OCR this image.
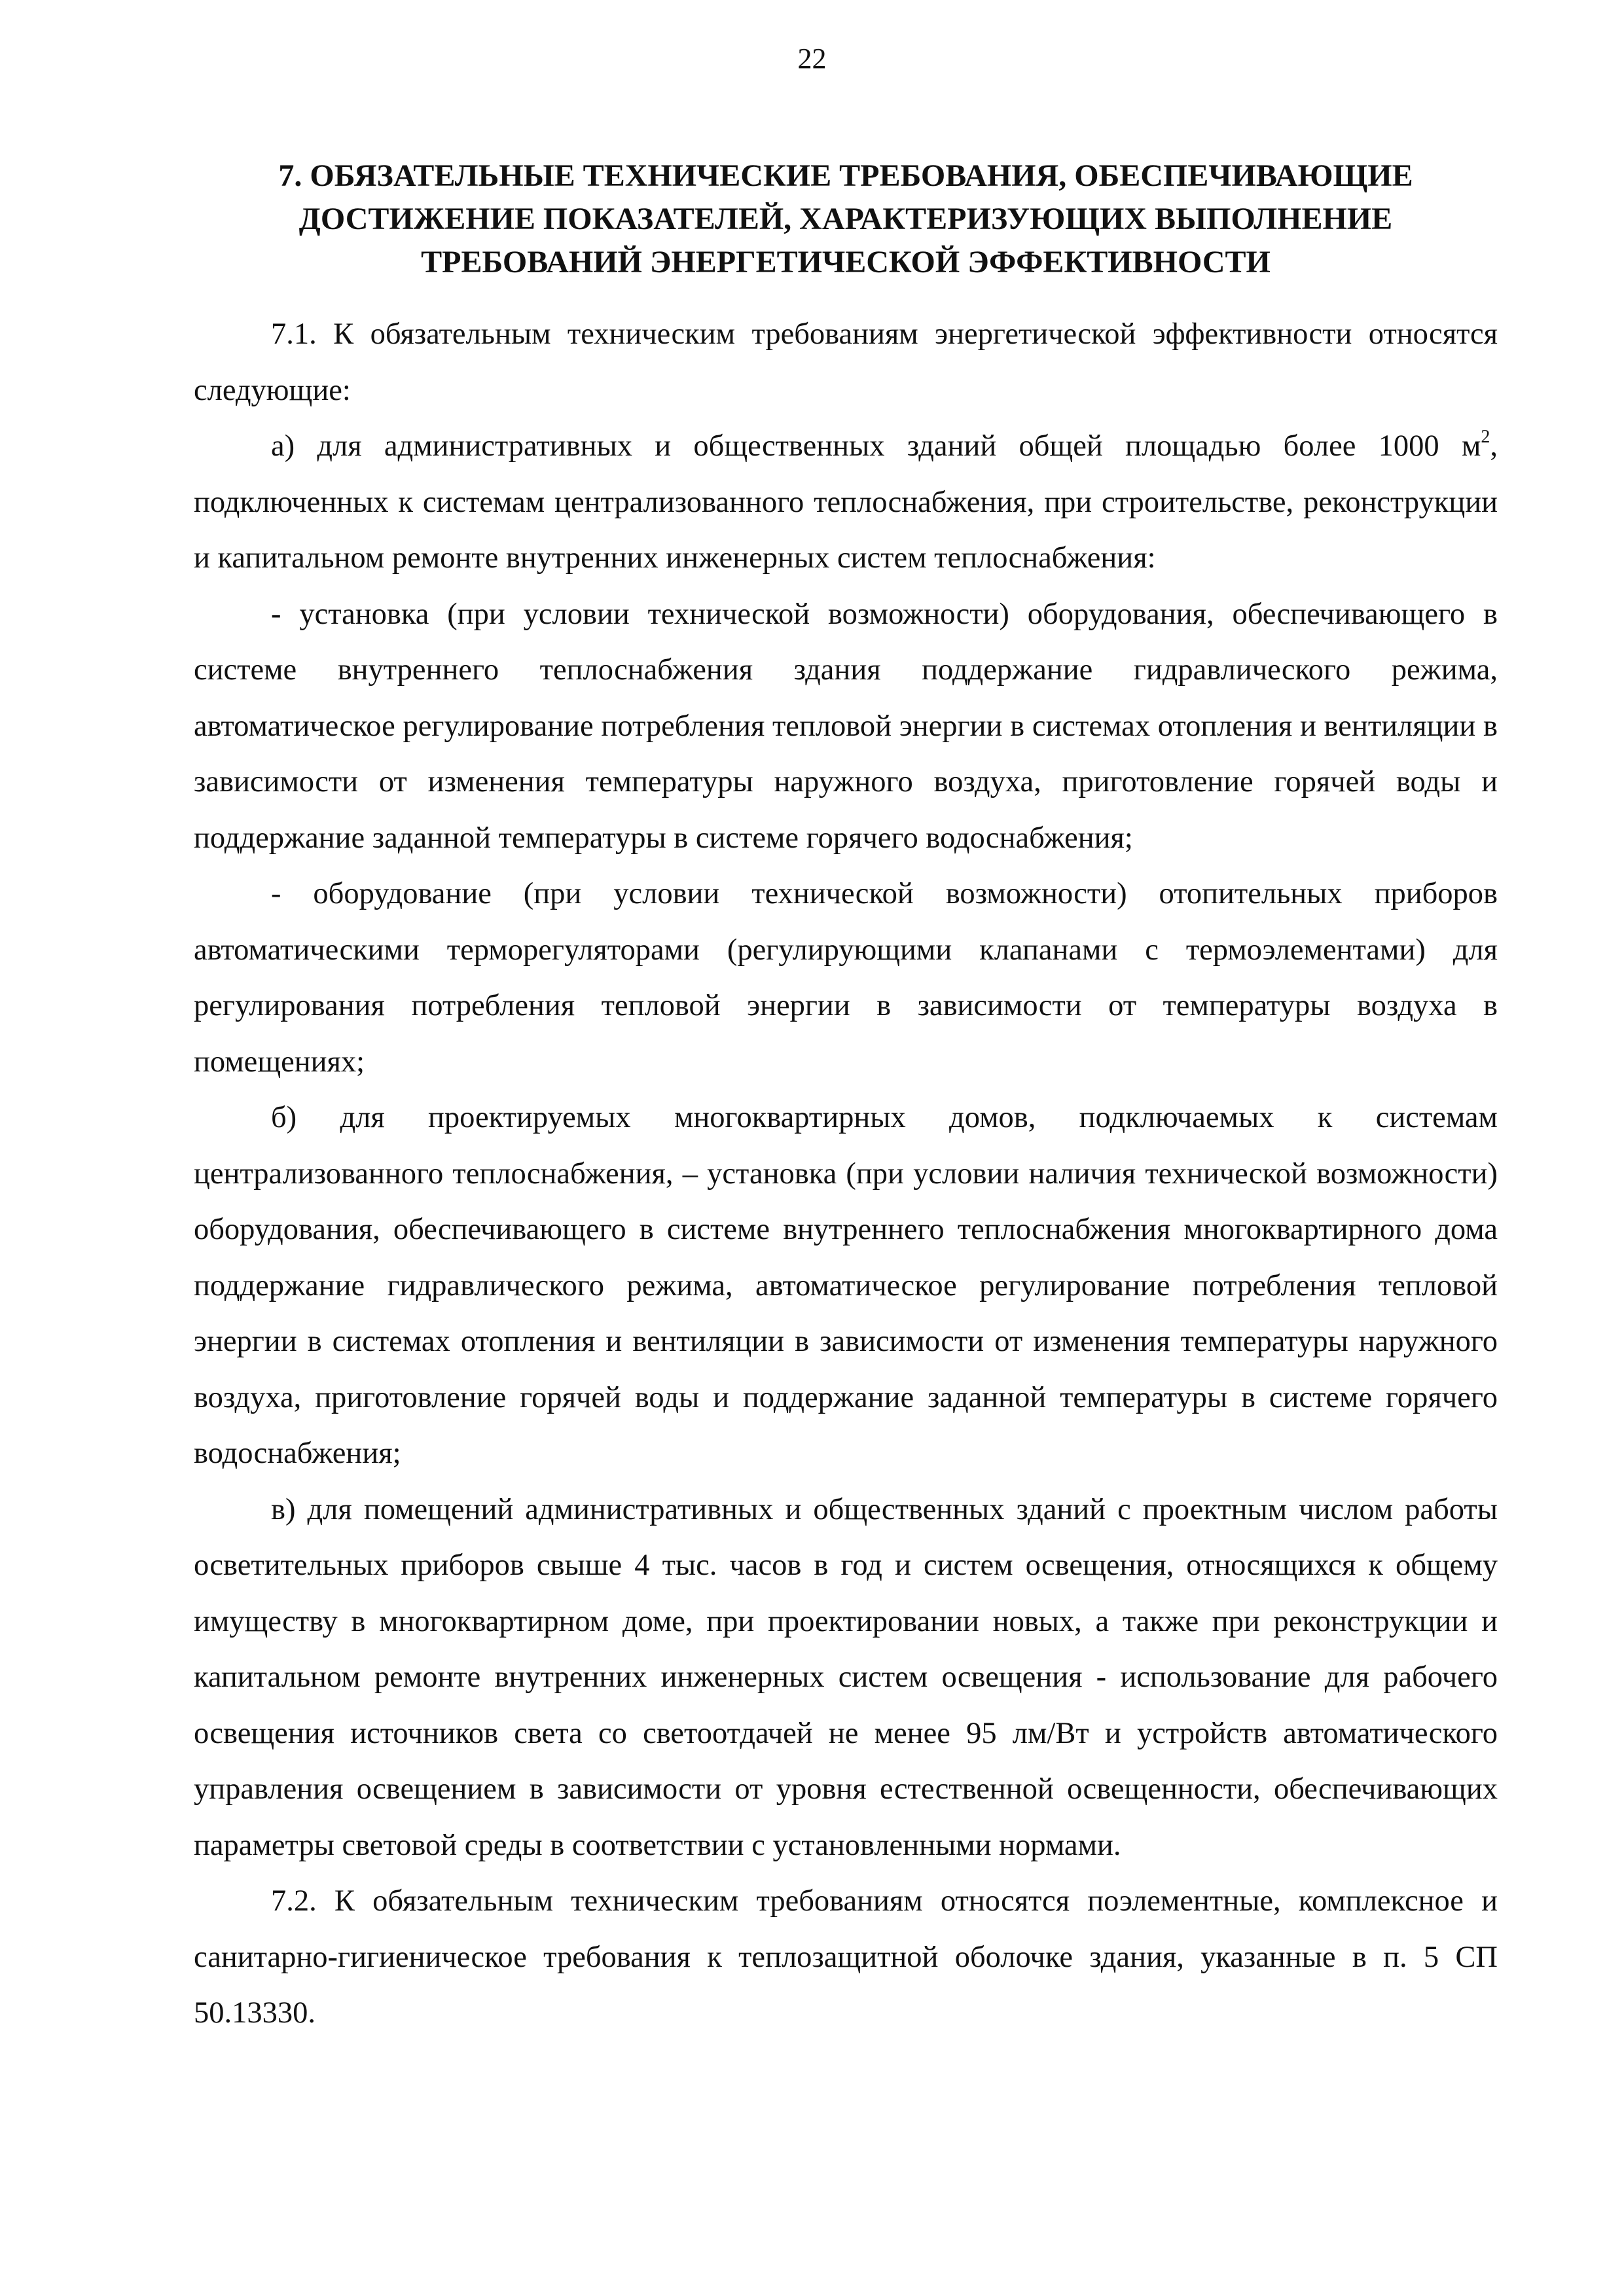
22
7. ОБЯЗАТЕЛЬНЫЕ ТЕХНИЧЕСКИЕ ТРЕБОВАНИЯ, ОБЕСПЕЧИВАЮЩИЕ
ДОСТИЖЕНИЕ ПОКАЗАТЕЛЕЙ, ХАРАКТЕРИЗУЮЩИХ ВЫПОЛНЕНИЕ
ТРЕБОВАНИЙ ЭНЕРГЕТИЧЕСКОЙ ЭФФЕКТИВНОСТИ

7.1. К обязательным техническим требованиям энергетической эффективности относятся следующие:

а) для административных и общественных зданий общей площадью более 1000 $м^2$, подключенных к системам централизованного теплоснабжения, при строительстве, реконструкции и капитальном ремонте внутренних инженерных систем теплоснабжения:

- установка (при условии технической возможности) оборудования, обеспечивающего в системе внутреннего теплоснабжения здания поддержание гидравлического режима, автоматическое регулирование потребления тепловой энергии в системах отопления и вентиляции в зависимости от изменения температуры наружного воздуха, приготовление горячей воды и поддержание заданной температуры в системе горячего водоснабжения;

- оборудование (при условии технической возможности) отопительных приборов автоматическими терморегуляторами (регулирующими клапанами с термоэлементами) для регулирования потребления тепловой энергии в зависимости от температуры воздуха в помещениях;

б) для проектируемых многоквартирных домов, подключаемых к системам централизованного теплоснабжения, – установка (при условии наличия технической возможности) оборудования, обеспечивающего в системе внутреннего теплоснабжения многоквартирного дома поддержание гидравлического режима, автоматическое регулирование потребления тепловой энергии в системах отопления и вентиляции в зависимости от изменения температуры наружного воздуха, приготовление горячей воды и поддержание заданной температуры в системе горячего водоснабжения;

в) для помещений административных и общественных зданий с проектным числом работы осветительных приборов свыше 4 тыс. часов в год и систем освещения, относящихся к общему имуществу в многоквартирном доме, при проектировании новых, а также при реконструкции и капитальном ремонте внутренних инженерных систем освещения - использование для рабочего освещения источников света со светоотдачей не менее 95 лм/Вт и устройств автоматического управления освещением в зависимости от уровня естественной освещенности, обеспечивающих параметры световой среды в соответствии с установленными нормами.

7.2. К обязательным техническим требованиям относятся поэлементные, комплексное и санитарно-гигиеническое требования к теплозащитной оболочке здания, указанные в п. 5 СП 50.13330.
